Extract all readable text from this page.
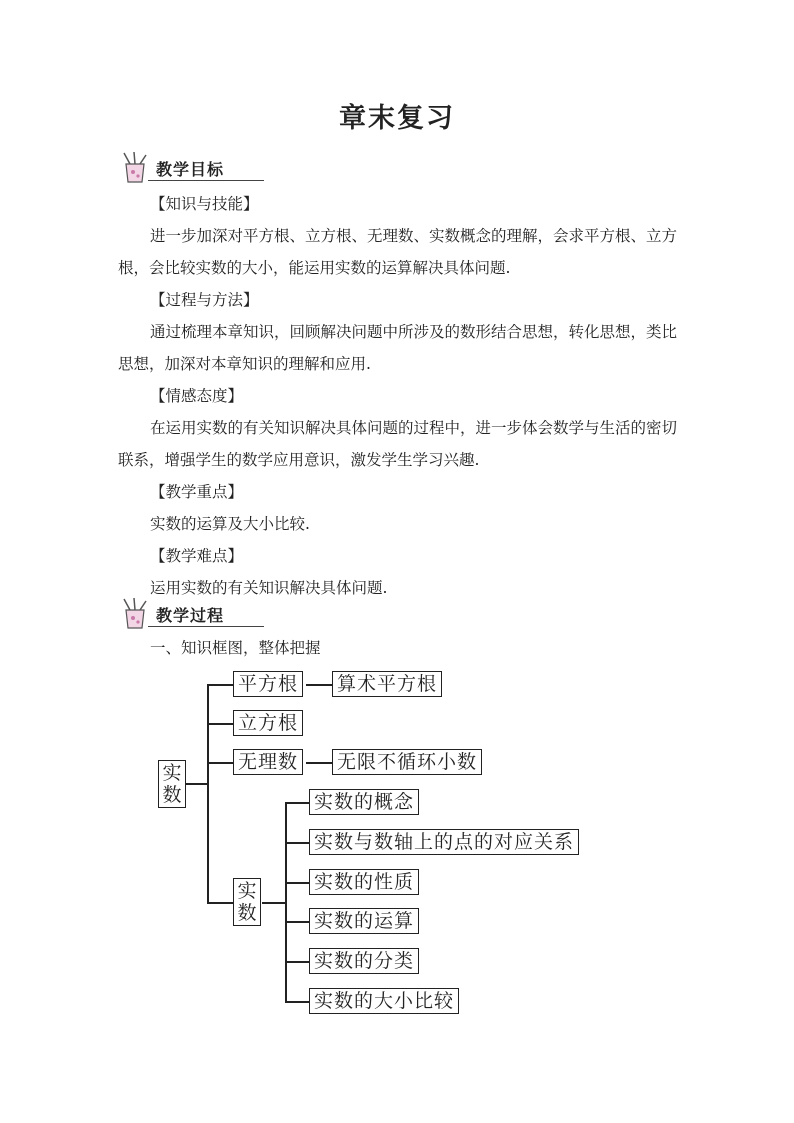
章末复习
教学目标
【知识与技能】
进一步加深对平方根、立方根、无理数、实数概念的理解，会求平方根、立方根，会比较实数的大小，能运用实数的运算解决具体问题.
【过程与方法】
通过梳理本章知识，回顾解决问题中所涉及的数形结合思想，转化思想，类比思想，加深对本章知识的理解和应用.
【情感态度】
在运用实数的有关知识解决具体问题的过程中，进一步体会数学与生活的密切联系，增强学生的数学应用意识，激发学生学习兴趣.
【教学重点】
实数的运算及大小比较.
【教学难点】
运用实数的有关知识解决具体问题.
教学过程
一、知识框图，整体把握
实数
平方根 算术平方根
立方根
无理数 无限不循环小数
实数
实数的概念
实数与数轴上的点的对应关系
实数的性质
实数的运算
实数的分类
实数的大小比较
